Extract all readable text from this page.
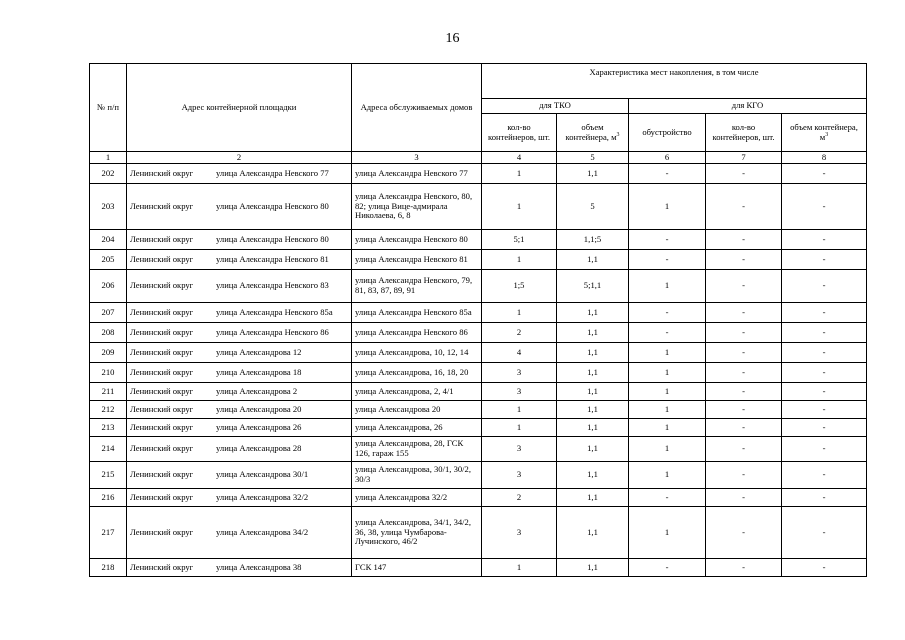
16
№ п/п	Адрес контейнерной площадки	Адреса обслуживаемых домов	Характеристика мест накопления, в том числе				
			для ТКО		для КГО		
			кол-во контейнеров, шт.	объем контейнера, $м^3$	обустройство	кол-во контейнеров, шт.	объем контейнера, $м^3$
1	2	3	4	5	6	7	8
202	Ленинский округ улица Александра Невского 77	улица Александра Невского 77	1	1,1	-	-	-
203	Ленинский округ улица Александра Невского 80	улица Александра Невского, 80, 82; улица Вице-адмирала Николаева, 6, 8	1	5	1	-	-
204	Ленинский округ улица Александра Невского 80	улица Александра Невского 80	5;1	1,1;5	-	-	-
205	Ленинский округ улица Александра Невского 81	улица Александра Невского 81	1	1,1	-	-	-
206	Ленинский округ улица Александра Невского 83	улица Александра Невского, 79, 81, 83, 87, 89, 91	1;5	5;1,1	1	-	-
207	Ленинский округ улица Александра Невского 85а	улица Александра Невского 85а	1	1,1	-	-	-
208	Ленинский округ улица Александра Невского 86	улица Александра Невского 86	2	1,1	-	-	-
209	Ленинский округ улица Александрова 12	улица Александрова, 10, 12, 14	4	1,1	1	-	-
210	Ленинский округ улица Александрова 18	улица Александрова, 16, 18, 20	3	1,1	1	-	-
211	Ленинский округ улица Александрова 2	улица Александрова, 2, 4/1	3	1,1	1	-	-
212	Ленинский округ улица Александрова 20	улица Александрова 20	1	1,1	1	-	-
213	Ленинский округ улица Александрова 26	улица Александрова, 26	1	1,1	1	-	-
214	Ленинский округ улица Александрова 28	улица Александрова, 28, ГСК 126, гараж 155	3	1,1	1	-	-
215	Ленинский округ улица Александрова 30/1	улица Александрова, 30/1, 30/2, 30/3	3	1,1	1	-	-
216	Ленинский округ улица Александрова 32/2	улица Александрова 32/2	2	1,1	-	-	-
217	Ленинский округ улица Александрова 34/2	улица Александрова, 34/1, 34/2, 36, 38, улица Чумбарова-Лучинского, 46/2	3	1,1	1	-	-
218	Ленинский округ улица Александрова 38	ГСК 147	1	1,1	-	-	-
